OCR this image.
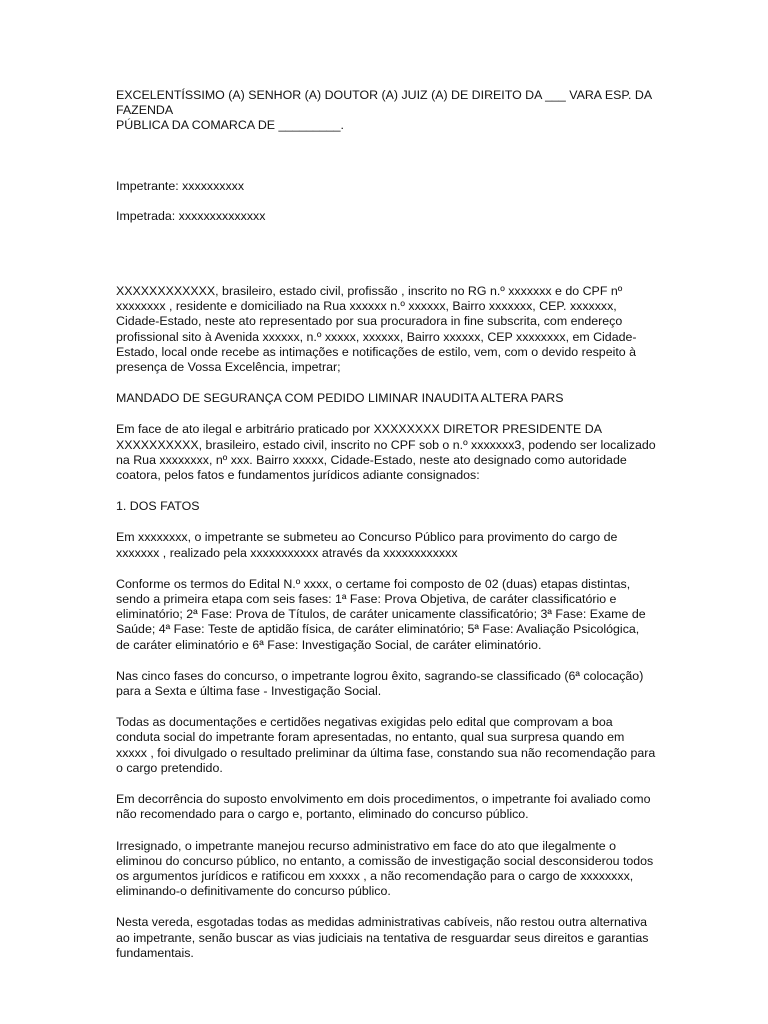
EXCELENTÍSSIMO (A) SENHOR (A) DOUTOR (A) JUIZ (A) DE DIREITO DA ___ VARA ESP. DA FAZENDA
PÚBLICA DA COMARCA DE _________.

Impetrante: xxxxxxxxxx

Impetrada: xxxxxxxxxxxxxx

XXXXXXXXXXXX, brasileiro, estado civil, profissão , inscrito no RG n.º xxxxxxx e do CPF nº xxxxxxxx , residente e domiciliado na Rua xxxxxx n.º xxxxxx, Bairro xxxxxxx, CEP. xxxxxxx, Cidade-Estado, neste ato representado por sua procuradora in fine subscrita, com endereço profissional sito à Avenida xxxxxx, n.º xxxxx, xxxxxx, Bairro xxxxxx, CEP xxxxxxxx, em Cidade-Estado, local onde recebe as intimações e notificações de estilo, vem, com o devido respeito à presença de Vossa Excelência, impetrar;

MANDADO DE SEGURANÇA COM PEDIDO LIMINAR INAUDITA ALTERA PARS

Em face de ato ilegal e arbitrário praticado por XXXXXXXX DIRETOR PRESIDENTE DA XXXXXXXXXX, brasileiro, estado civil, inscrito no CPF sob o n.º xxxxxxx3, podendo ser localizado na Rua xxxxxxxx, nº xxx. Bairro xxxxx, Cidade-Estado, neste ato designado como autoridade coatora, pelos fatos e fundamentos jurídicos adiante consignados:

1. DOS FATOS

Em xxxxxxxx, o impetrante se submeteu ao Concurso Público para provimento do cargo de xxxxxxx , realizado pela xxxxxxxxxxx através da xxxxxxxxxxxx

Conforme os termos do Edital N.º xxxx, o certame foi composto de 02 (duas) etapas distintas, sendo a primeira etapa com seis fases: 1ª Fase: Prova Objetiva, de caráter classificatório e eliminatório; 2ª Fase: Prova de Títulos, de caráter unicamente classificatório; 3ª Fase: Exame de Saúde; 4ª Fase: Teste de aptidão física, de caráter eliminatório; 5ª Fase: Avaliação Psicológica, de caráter eliminatório e 6ª Fase: Investigação Social, de caráter eliminatório.

Nas cinco fases do concurso, o impetrante logrou êxito, sagrando-se classificado (6ª colocação) para a Sexta e última fase - Investigação Social.

Todas as documentações e certidões negativas exigidas pelo edital que comprovam a boa conduta social do impetrante foram apresentadas, no entanto, qual sua surpresa quando em xxxxx , foi divulgado o resultado preliminar da última fase, constando sua não recomendação para o cargo pretendido.

Em decorrência do suposto envolvimento em dois procedimentos, o impetrante foi avaliado como não recomendado para o cargo e, portanto, eliminado do concurso público.

Irresignado, o impetrante manejou recurso administrativo em face do ato que ilegalmente o eliminou do concurso público, no entanto, a comissão de investigação social desconsiderou todos os argumentos jurídicos e ratificou em xxxxx , a não recomendação para o cargo de xxxxxxxx, eliminando-o definitivamente do concurso público.

Nesta vereda, esgotadas todas as medidas administrativas cabíveis, não restou outra alternativa ao impetrante, senão buscar as vias judiciais na tentativa de resguardar seus direitos e garantias fundamentais.
